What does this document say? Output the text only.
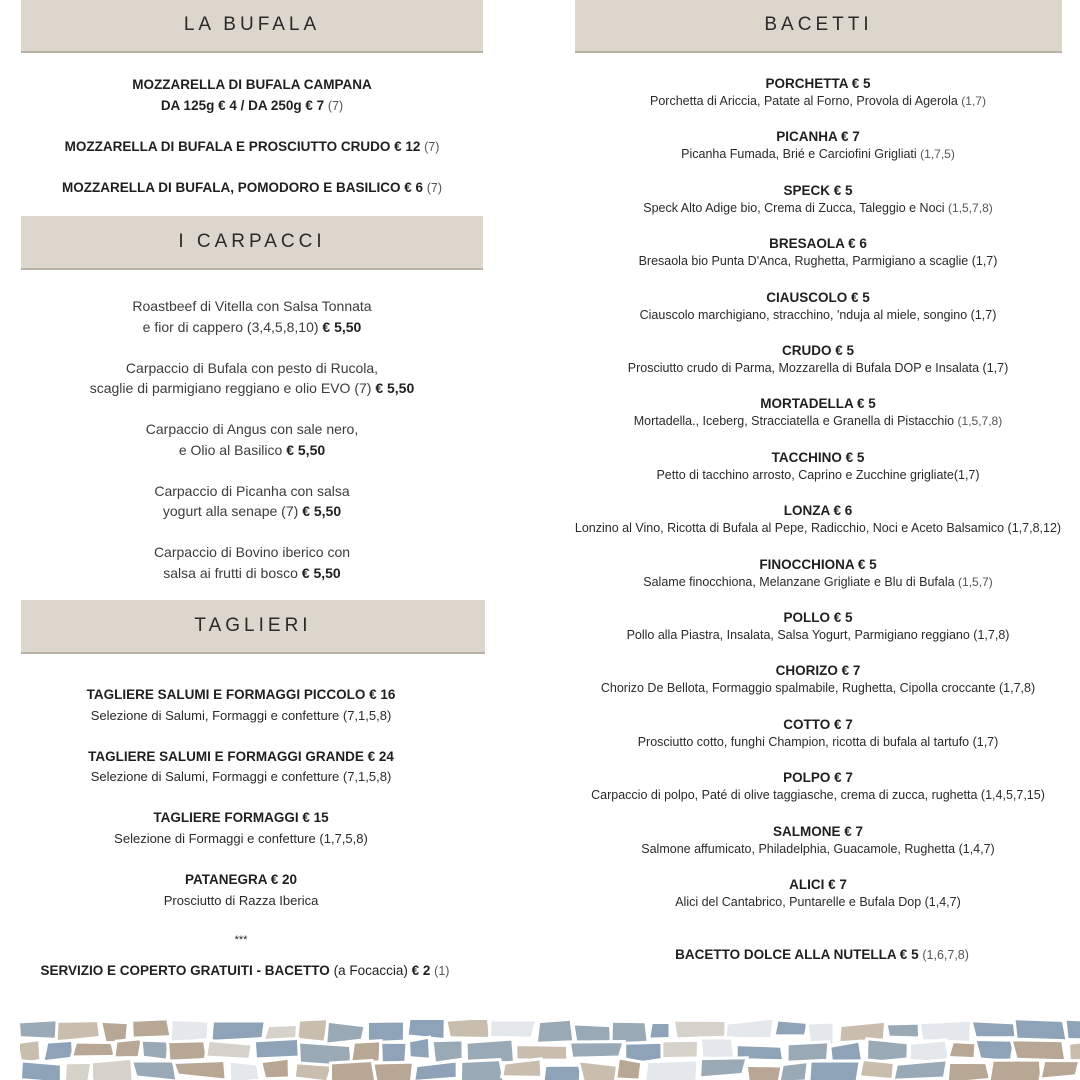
LA BUFALA
MOZZARELLA DI BUFALA CAMPANA
DA 125g € 4 / DA 250g € 7 (7)
MOZZARELLA DI BUFALA E PROSCIUTTO CRUDO € 12 (7)
MOZZARELLA DI BUFALA, POMODORO E BASILICO € 6 (7)
I CARPACCI
Roastbeef di Vitella con Salsa Tonnata
e fior di cappero (3,4,5,8,10) € 5,50
Carpaccio di Bufala con pesto di Rucola,
scaglie di parmigiano reggiano e olio EVO (7) € 5,50
Carpaccio di Angus con sale nero,
e Olio al Basilico € 5,50
Carpaccio di Picanha con salsa
yogurt alla senape (7) € 5,50
Carpaccio di Bovino iberico con
salsa ai frutti di bosco € 5,50
TAGLIERI
TAGLIERE SALUMI E FORMAGGI PICCOLO € 16
Selezione di Salumi, Formaggi e confetture (7,1,5,8)
TAGLIERE SALUMI E FORMAGGI GRANDE € 24
Selezione di Salumi, Formaggi e confetture (7,1,5,8)
TAGLIERE FORMAGGI € 15
Selezione di Formaggi e confetture (1,7,5,8)
PATANEGRA € 20
Prosciutto di Razza Iberica
***
SERVIZIO E COPERTO GRATUITI - BACETTO (a Focaccia) € 2 (1)
BACETTI
PORCHETTA € 5
Porchetta di Ariccia, Patate al Forno, Provola di Agerola (1,7)
PICANHA € 7
Picanha Fumada, Brié e Carciofini Grigliati (1,7,5)
SPECK € 5
Speck Alto Adige bio, Crema di Zucca, Taleggio e Noci (1,5,7,8)
BRESAOLA € 6
Bresaola bio Punta D'Anca, Rughetta, Parmigiano a scaglie (1,7)
CIAUSCOLO € 5
Ciauscolo marchigiano, stracchino, 'nduja al miele, songino (1,7)
CRUDO € 5
Prosciutto crudo di Parma, Mozzarella di Bufala DOP e Insalata (1,7)
MORTADELLA € 5
Mortadella., Iceberg, Stracciatella e Granella di Pistacchio (1,5,7,8)
TACCHINO € 5
Petto di tacchino arrosto, Caprino e Zucchine grigliate(1,7)
LONZA € 6
Lonzino al Vino, Ricotta di Bufala al Pepe, Radicchio, Noci e Aceto Balsamico (1,7,8,12)
FINOCCHIONA € 5
Salame finocchiona, Melanzane Grigliate e Blu di Bufala (1,5,7)
POLLO € 5
Pollo alla Piastra, Insalata, Salsa Yogurt, Parmigiano reggiano (1,7,8)
CHORIZO € 7
Chorizo De Bellota, Formaggio spalmabile, Rughetta, Cipolla croccante (1,7,8)
COTTO € 7
Prosciutto cotto, funghi Champion, ricotta di bufala al tartufo (1,7)
POLPO € 7
Carpaccio di polpo, Paté di olive taggiasche, crema di zucca, rughetta (1,4,5,7,15)
SALMONE € 7
Salmone affumicato, Philadelphia, Guacamole, Rughetta (1,4,7)
ALICI € 7
Alici del Cantabrico, Puntarelle e Bufala Dop (1,4,7)
BACETTO DOLCE ALLA NUTELLA € 5 (1,6,7,8)
